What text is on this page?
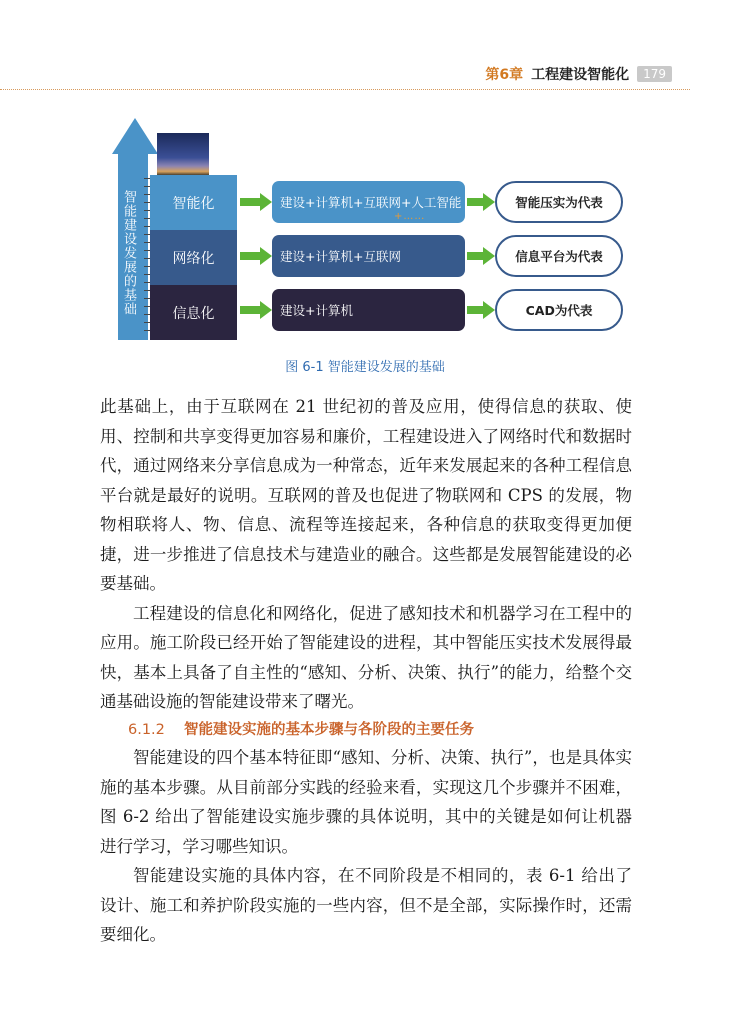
第6章 工程建设智能化	179
智能建设发展的基础	智能化
网络化
信息化
建设+计算机+互联网+人工智能
建设+计算机+互联网
建设+计算机
+……
智能压实为代表
信息平台为代表
CAD为代表
图 6-1 智能建设发展的基础

此基础上，由于互联网在 21 世纪初的普及应用，使得信息的获取、使用、控制和共享变得更加容易和廉价，工程建设进入了网络时代和数据时代，通过网络来分享信息成为一种常态，近年来发展起来的各种工程信息平台就是最好的说明。互联网的普及也促进了物联网和 CPS 的发展，物物相联将人、物、信息、流程等连接起来，各种信息的获取变得更加便捷，进一步推进了信息技术与建造业的融合。这些都是发展智能建设的必要基础。

工程建设的信息化和网络化，促进了感知技术和机器学习在工程中的应用。施工阶段已经开始了智能建设的进程，其中智能压实技术发展得最快，基本上具备了自主性的“感知、分析、决策、执行”的能力，给整个交通基础设施的智能建设带来了曙光。

6.1.2 智能建设实施的基本步骤与各阶段的主要任务

智能建设的四个基本特征即“感知、分析、决策、执行”，也是具体实施的基本步骤。从目前部分实践的经验来看，实现这几个步骤并不困难，图 6-2 给出了智能建设实施步骤的具体说明，其中的关键是如何让机器进行学习，学习哪些知识。

智能建设实施的具体内容，在不同阶段是不相同的，表 6-1 给出了设计、施工和养护阶段实施的一些内容，但不是全部，实际操作时，还需要细化。
